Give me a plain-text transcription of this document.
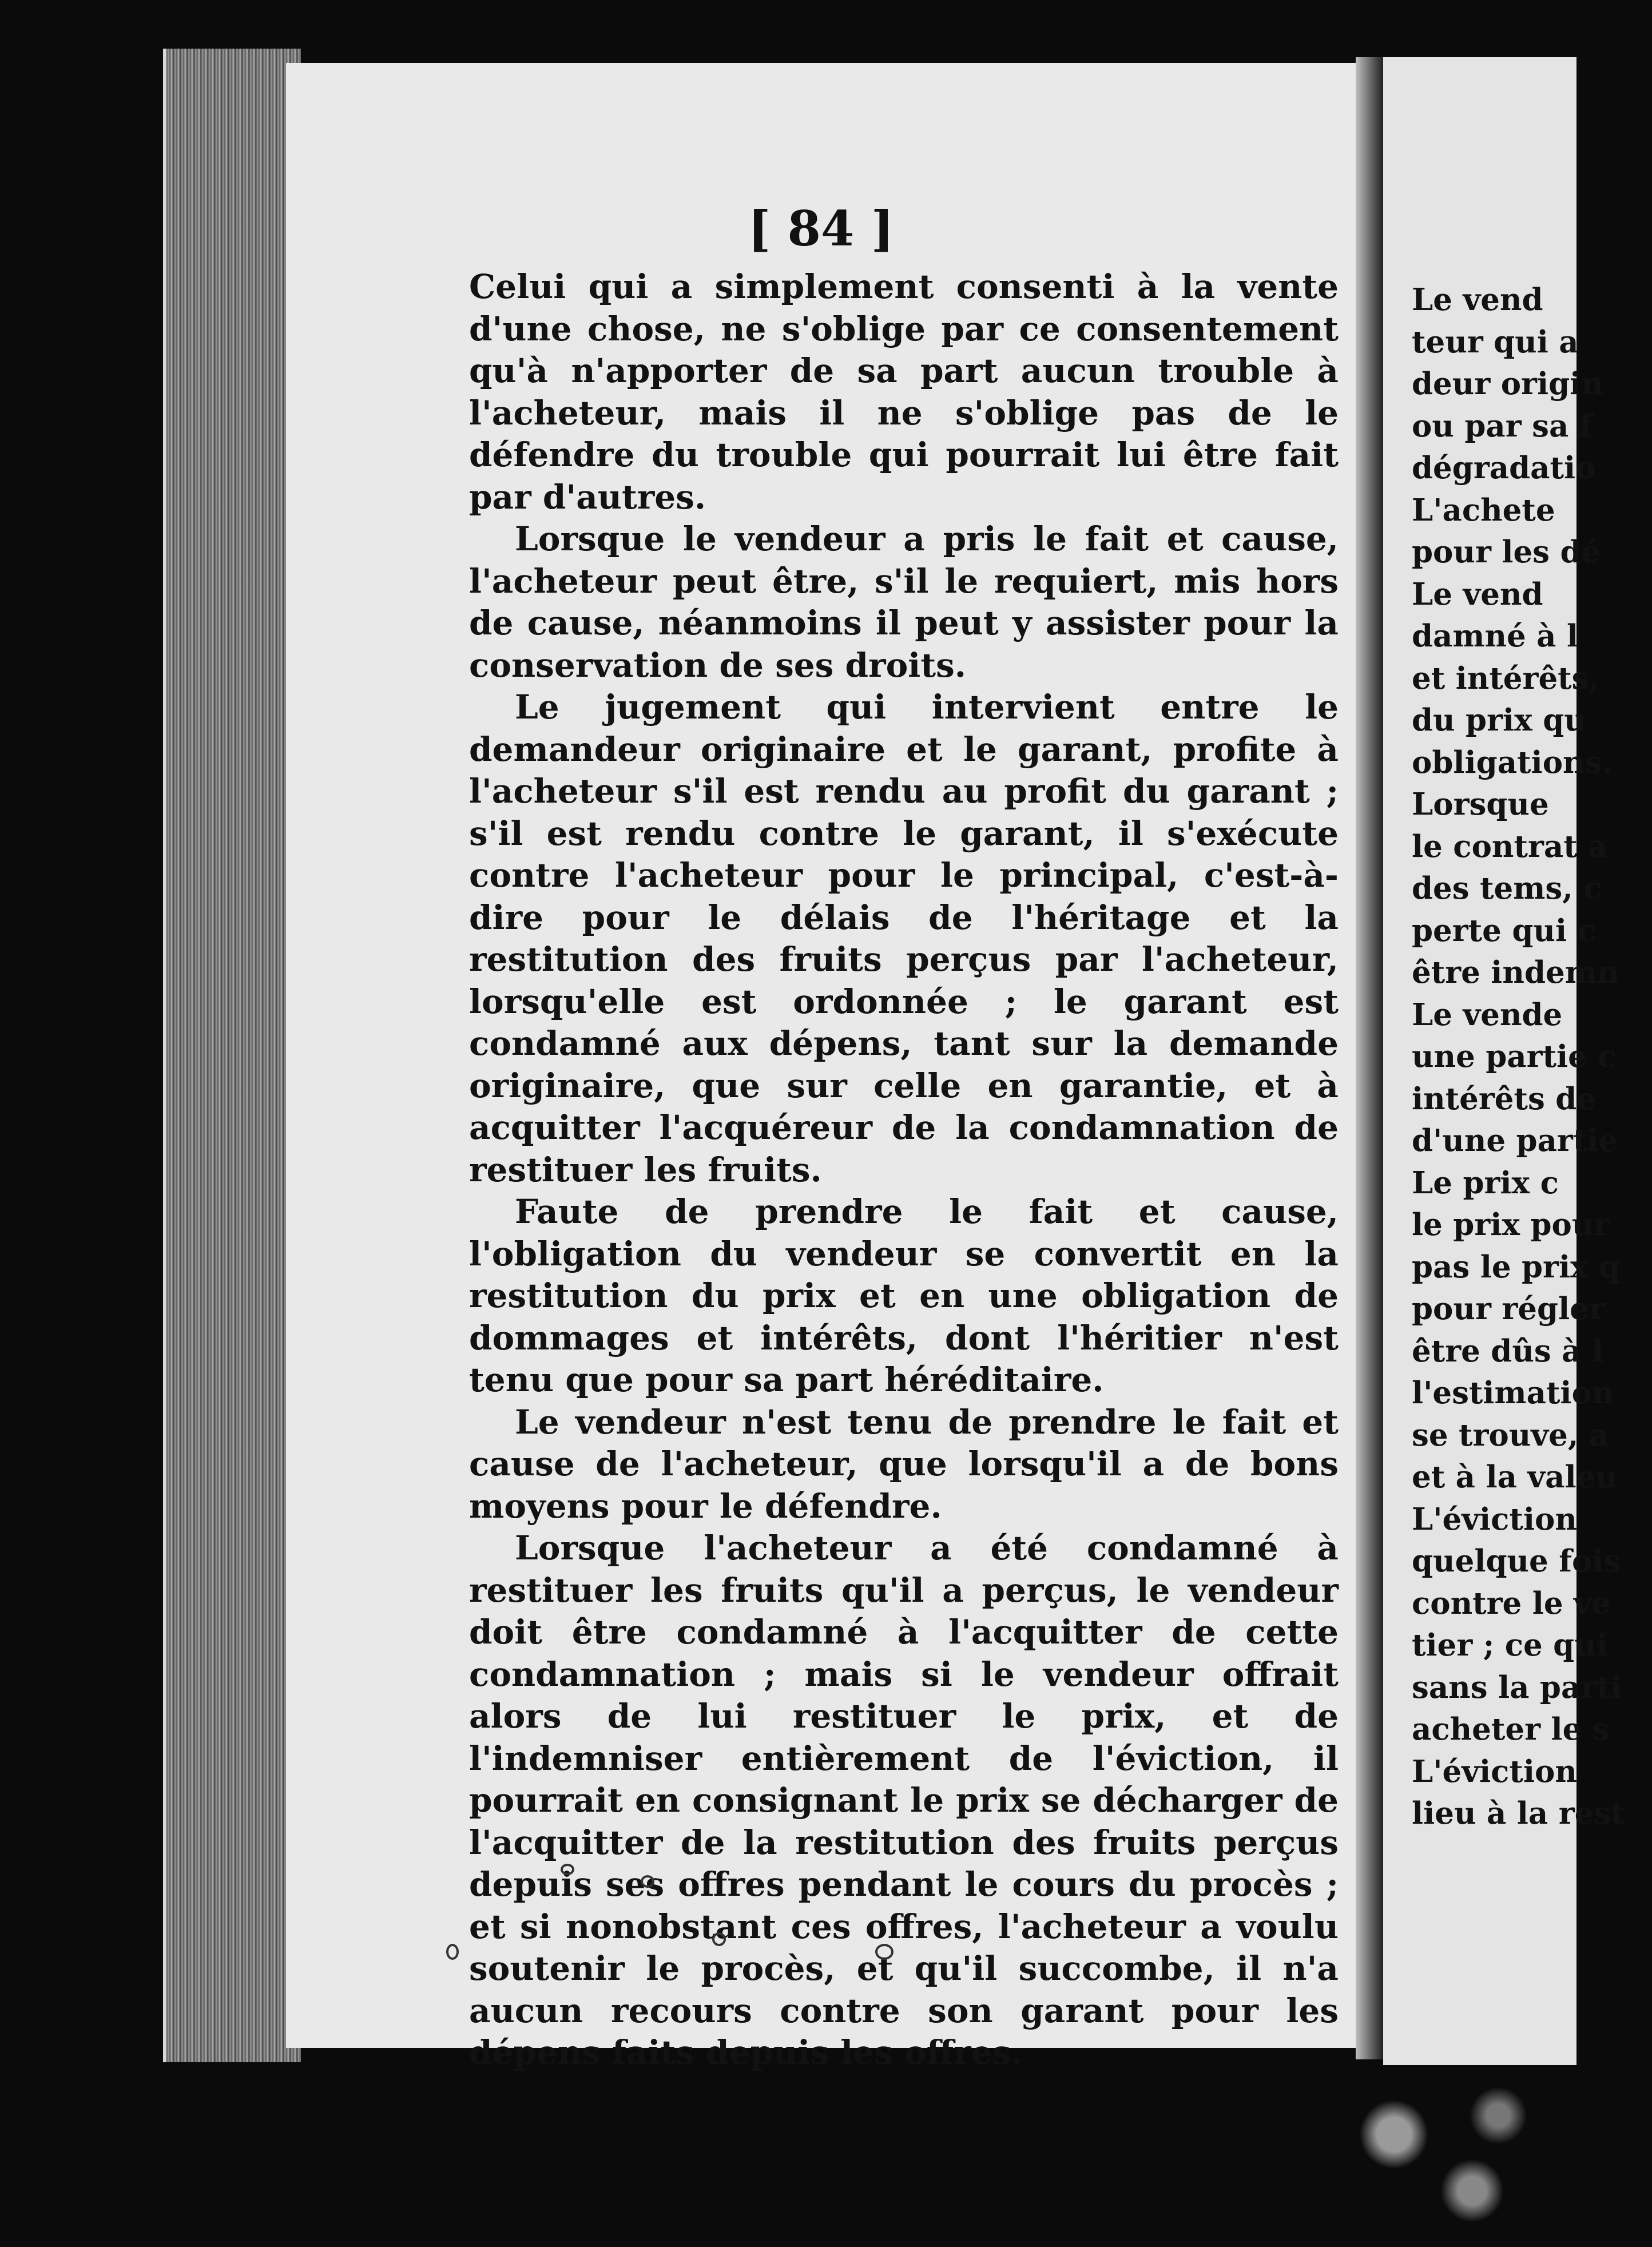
[ 84 ]

Celui qui a simplement consenti à la vente d'une chose, ne s'oblige par ce consentement qu'à n'apporter de sa part aucun trouble à l'acheteur, mais il ne s'oblige pas de le défendre du trouble qui pourrait lui être fait par d'autres.

Lorsque le vendeur a pris le fait et cause, l'acheteur peut être, s'il le requiert, mis hors de cause, néanmoins il peut y assister pour la conservation de ses droits.

Le jugement qui intervient entre le demandeur originaire et le garant, profite à l'acheteur s'il est rendu au profit du garant ; s'il est rendu contre le garant, il s'exécute contre l'acheteur pour le principal, c'est-à-dire pour le délais de l'héritage et la restitution des fruits perçus par l'acheteur, lorsqu'elle est ordonnée ; le garant est condamné aux dépens, tant sur la demande originaire, que sur celle en garantie, et à acquitter l'acquéreur de la condamnation de restituer les fruits.

Faute de prendre le fait et cause, l'obligation du vendeur se convertit en la restitution du prix et en une obligation de dommages et intérêts, dont l'héritier n'est tenu que pour sa part héréditaire.

Le vendeur n'est tenu de prendre le fait et cause de l'acheteur, que lorsqu'il a de bons moyens pour le défendre.

Lorsque l'acheteur a été condamné à restituer les fruits qu'il a perçus, le vendeur doit être condamné à l'acquitter de cette condamnation ; mais si le vendeur offrait alors de lui restituer le prix, et de l'indemniser entièrement de l'éviction, il pourrait en consignant le prix se décharger de l'acquitter de la restitution des fruits perçus depuis ses offres pendant le cours du procès ; et si nonobstant ces offres, l'acheteur a voulu soutenir le procès, et qu'il succombe, il n'a aucun recours contre son garant pour les dépens faits depuis les offres.

Le vend
teur qui a
deur origin
ou par sa f
dégradatio
L'achete
pour les dé
Le vend
damné à l
et intérêts,
du prix qu
obligations.
Lorsque
le contrat a
des tems, c
perte qui c
être indemn
Le vende
une partie c
intérêts de
d'une partie
Le prix c
le prix pour
pas le prix q
pour régler
être dûs à l
l'estimation
se trouve, a
et à la valeu
L'éviction
quelque fois
contre le ve
tier ; ce qui
sans la parti
acheter le s
L'éviction
lieu à la rest
